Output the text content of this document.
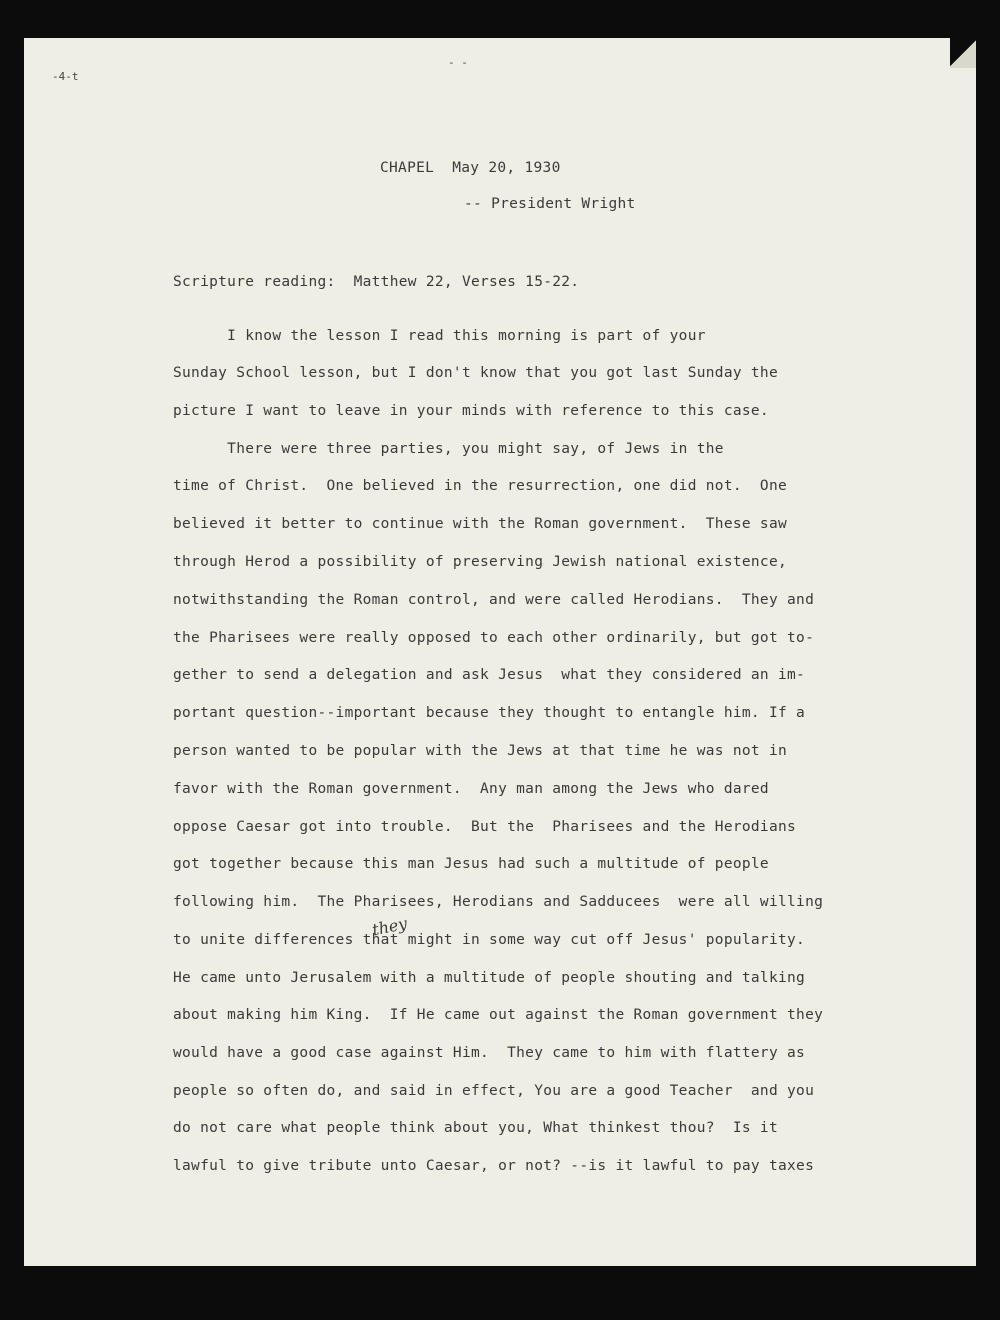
-4-t
- -
CHAPEL  May 20, 1930
-- President Wright
Scripture reading:  Matthew 22, Verses 15-22.
I know the lesson I read this morning is part of your
Sunday School lesson, but I don't know that you got last Sunday the
picture I want to leave in your minds with reference to this case.
There were three parties, you might say, of Jews in the
time of Christ.  One believed in the resurrection, one did not.  One
believed it better to continue with the Roman government.  These saw
through Herod a possibility of preserving Jewish national existence,
notwithstanding the Roman control, and were called Herodians.  They and
the Pharisees were really opposed to each other ordinarily, but got to-
gether to send a delegation and ask Jesus  what they considered an im-
portant question--important because they thought to entangle him. If a
person wanted to be popular with the Jews at that time he was not in
favor with the Roman government.  Any man among the Jews who dared
oppose Caesar got into trouble.  But the  Pharisees and the Herodians
got together because this man Jesus had such a multitude of people
following him.  The Pharisees, Herodians and Sadducees  were all willing
to unite differences that might in some way cut off Jesus' popularity.
He came unto Jerusalem with a multitude of people shouting and talking
about making him King.  If He came out against the Roman government they
would have a good case against Him.  They came to him with flattery as
people so often do, and said in effect, You are a good Teacher  and you
do not care what people think about you, What thinkest thou?  Is it
lawful to give tribute unto Caesar, or not? --is it lawful to pay taxes
they
